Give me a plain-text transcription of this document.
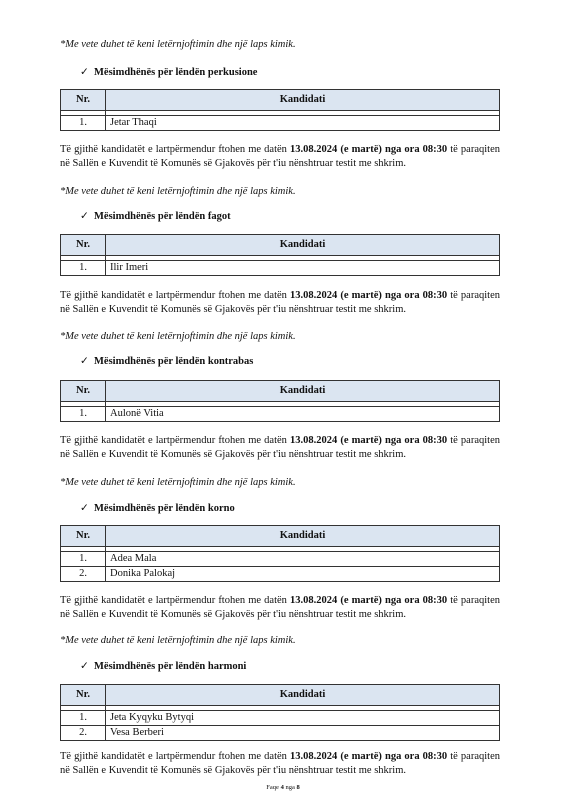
*Me vete duhet të keni letërnjoftimin dhe një laps kimik.
✓ Mësimdhënës për lëndën perkusione
Nr.	Kandidati

1.	Jetar Thaqi
Të gjithë kandidatët e lartpërmendur ftohen me datën 13.08.2024 (e martë) nga ora 08:30 të paraqiten në Sallën e Kuvendit të Komunës së Gjakovës për t'iu nënshtruar testit me shkrim.
*Me vete duhet të keni letërnjoftimin dhe një laps kimik.
✓ Mësimdhënës për lëndën fagot
Nr.	Kandidati

1.	Ilir Imeri
Të gjithë kandidatët e lartpërmendur ftohen me datën 13.08.2024 (e martë) nga ora 08:30 të paraqiten në Sallën e Kuvendit të Komunës së Gjakovës për t'iu nënshtruar testit me shkrim.
*Me vete duhet të keni letërnjoftimin dhe një laps kimik.
✓ Mësimdhënës për lëndën kontrabas
Nr.	Kandidati

1.	Aulonë Vitia
Të gjithë kandidatët e lartpërmendur ftohen me datën 13.08.2024 (e martë) nga ora 08:30 të paraqiten në Sallën e Kuvendit të Komunës së Gjakovës për t'iu nënshtruar testit me shkrim.
*Me vete duhet të keni letërnjoftimin dhe një laps kimik.
✓ Mësimdhënës për lëndën korno
Nr.	Kandidati

1.	Adea Mala
2.	Donika Palokaj
Të gjithë kandidatët e lartpërmendur ftohen me datën 13.08.2024 (e martë) nga ora 08:30 të paraqiten në Sallën e Kuvendit të Komunës së Gjakovës për t'iu nënshtruar testit me shkrim.
*Me vete duhet të keni letërnjoftimin dhe një laps kimik.
✓ Mësimdhënës për lëndën harmoni
Nr.	Kandidati

1.	Jeta Kyqyku Bytyqi
2.	Vesa Berberi
Të gjithë kandidatët e lartpërmendur ftohen me datën 13.08.2024 (e martë) nga ora 08:30 të paraqiten në Sallën e Kuvendit të Komunës së Gjakovës për t'iu nënshtruar testit me shkrim.
Faqe 4 nga 8
